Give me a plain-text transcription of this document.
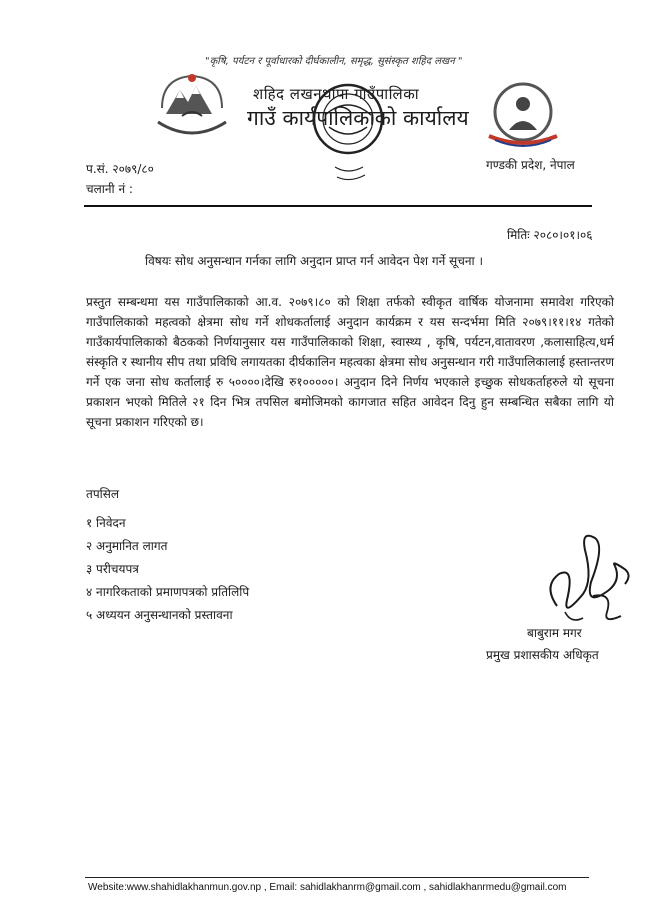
"कृषि, पर्यटन र पूर्वाधारको दीर्घकालीन, समृद्ध, सुसंस्कृत शहिद लखन "
शहिद लखनथापा गाउँपालिका
गाउँ कार्यपालिकाको कार्यालय
गण्डकी प्रदेश, नेपाल
प.सं. २०७९/८०
चलानी नं :
मितिः २०८०।०१।०६
विषयः सोध अनुसन्धान गर्नका लागि अनुदान प्राप्त गर्न आवेदन पेश गर्ने सूचना ।
प्रस्तुत सम्बन्धमा यस गाउँपालिकाको आ.व. २०७९।८० को शिक्षा तर्फको स्वीकृत वार्षिक योजनामा समावेश गरिएको गाउँपालिकाको महत्वको क्षेत्रमा सोध गर्ने शोधकर्तालाई अनुदान कार्यक्रम र यस सन्दर्भमा मिति २०७९।११।१४ गतेको गाउँकार्यपालिकाको बैठकको निर्णयानुसार यस गाउँपालिकाको शिक्षा, स्वास्थ्य , कृषि, पर्यटन,वातावरण ,कलासाहित्य,धर्म संस्कृति र स्थानीय सीप तथा प्रविधि लगायतका दीर्घकालिन महत्वका क्षेत्रमा सोध अनुसन्धान गरी गाउँपालिकालाई हस्तान्तरण गर्ने एक जना सोध कर्तालाई रु ५००००।देखि रु१०००००। अनुदान दिने निर्णय भएकाले इच्छुक सोधकर्ताहरुले यो सूचना प्रकाशन भएको मितिले २१ दिन भित्र तपसिल बमोजिमको कागजात सहित आवेदन दिनु हुन सम्बन्धित सबैका लागि यो सूचना प्रकाशन गरिएको छ।
तपसिल
१ निवेदन
२ अनुमानित लागत
३ परीचयपत्र
४ नागरिकताको प्रमाणपत्रको प्रतिलिपि
५ अध्ययन अनुसन्धानको प्रस्तावना
बाबुराम मगर
प्रमुख प्रशासकीय अधिकृत
Website:www.shahidlakhanmun.gov.np , Email: sahidlakhanrm@gmail.com , sahidlakhanrmedu@gmail.com
